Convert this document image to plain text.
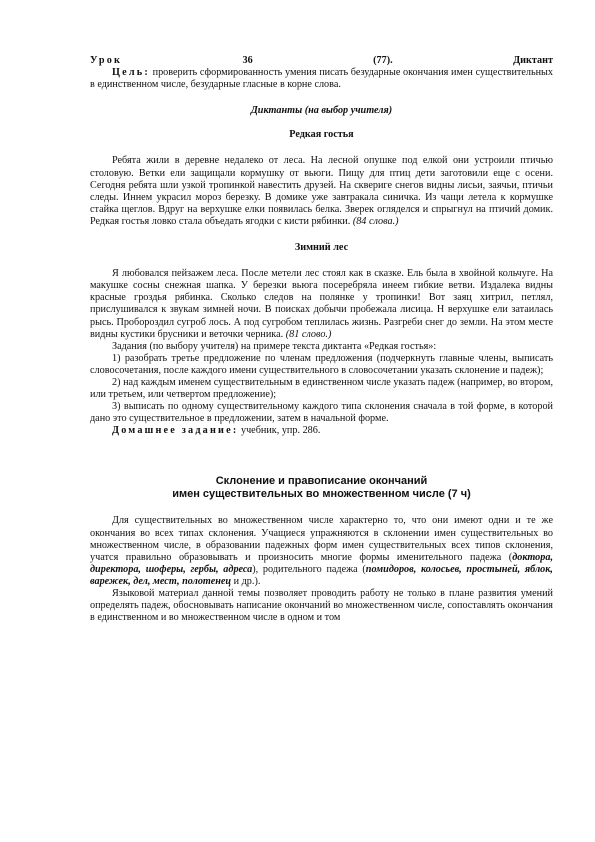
Урок	36	(77).	Диктант

Цель: проверить сформированность умения писать безударные окончания имен существительных в единственном числе, безударные гласные в корне слова.

Диктанты (на выбор учителя)

Редкая гостья

Ребята жили в деревне недалеко от леса. На лесной опушке под елкой они устроили птичью столовую. Ветки ели защищали кормушку от вьюги. Пищу для птиц дети заготовили еще с осени. Сегодня ребята шли узкой тропинкой навестить друзей. На сквериге снегов видны лисьи, заячьи, птичьи следы. Иннем украсил мороз березку. В домике уже завтракала синичка. Из чащи летела к кормушке стайка щеглов. Вдруг на верхушке елки появилась белка. Зверек огляделся и спрыгнул на птичий домик. Редкая гостья ловко стала объедать ягодки с кисти рябинки. (84 слова.)

Зимний лес

Я любовался пейзажем леса. После метели лес стоял как в сказке. Ель была в хвойной кольчуге. На макушке сосны снежная шапка. У березки вьюга посеребряла инеем гибкие ветви. Издалека видны красные гроздья рябинка. Сколько следов на полянке у тропинки! Вот заяц хитрил, петлял, прислушивался к звукам зимней ночи. В поисках добычи пробежала лисица. Н верхушке ели затаилась рысь. Пробороздил сугроб лось. А под сугробом теплилась жизнь. Разгреби снег до земли. На этом месте видны кустики брусники и веточки черника. (81 слово.)

Задания (по выбору учителя) на примере текста диктанта «Редкая гостья»:

1) разобрать третье предложение по членам предложения (подчеркнуть главные члены, выписать словосочетания, после каждого имени существительного в словосочетании указать склонение и падеж);

2) над каждым именем существительным в единственном числе указать падеж (например, во втором, или третьем, или четвертом предложение);

3) выписать по одному существительному каждого типа склонения сначала в той форме, в которой дано это существительное в предложении, затем в начальной форме.

Домашнее задание: учебник, упр. 286.

Склонение и правописание окончаний

имен существительных во множественном числе (7 ч)

Для существительных во множественном числе характерно то, что они имеют одни и те же окончания во всех типах склонения. Учащиеся упражняются в склонении имен существительных во множественном числе, в образовании падежных форм имен существительных всех типов склонения, учатся правильно образовывать и произносить многие формы именительного падежа (доктора, директора, шоферы, гербы, адреса), родительного падежа (помидоров, колосьев, простыней, яблок, варежек, дел, мест, полотенец и др.).

Языковой материал данной темы позволяет проводить работу не только в плане развития умений определять падеж, обосновывать написание окончаний во множественном числе, сопоставлять окончания в единственном и во множественном числе в одном и том
